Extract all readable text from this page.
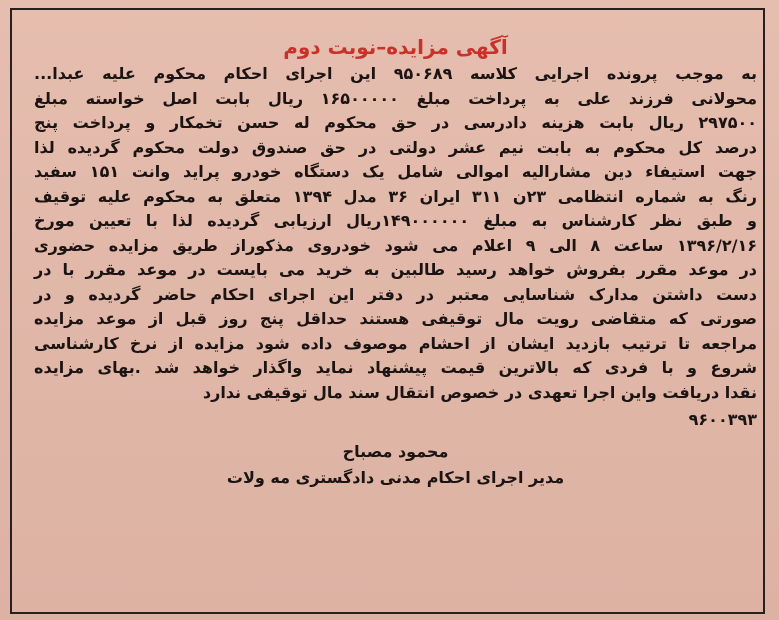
آگهی مزایده–نوبت دوم
به موجب پرونده اجرایی کلاسه ۹۵۰۶۸۹ این اجرای احکام محکوم علیه عبدا...
محولانی فرزند علی به پرداخت مبلغ ۱۶۵۰۰۰۰۰ ریال بابت اصل خواسته مبلغ
۲۹۷۵۰۰ ریال بابت هزینه دادرسی در حق محکوم له حسن تخمکار و پرداخت پنج
درصد کل محکوم به بابت نیم عشر دولتی در حق صندوق دولت محکوم گردیده لذا
جهت استیفاء دین مشارالیه اموالی شامل یک دستگاه خودرو پراید وانت ۱۵۱ سفید
رنگ به شماره انتظامی ۲۳ن ۳۱۱ ایران ۳۶ مدل ۱۳۹۴ متعلق به محکوم علیه توقیف
و طبق نظر کارشناس به مبلغ ۱۴۹۰۰۰۰۰۰ریال ارزیابی گردیده لذا با تعیین مورخ
۱۳۹۶/۲/۱۶ ساعت ۸ الی ۹ اعلام می شود خودروی مذکوراز طریق مزایده حضوری
در موعد مقرر بفروش خواهد رسید طالبین به خرید می بایست در موعد مقرر با در
دست داشتن مدارک شناسایی معتبر در دفتر این اجرای احکام حاضر گردیده و در
صورتی که متقاضی رویت مال توقیفی هستند حداقل پنج روز قبل از موعد مزایده
مراجعه تا ترتیب بازدید ایشان از احشام موصوف داده شود مزایده از نرخ کارشناسی
شروع و با فردی که بالاترین قیمت پیشنهاد نماید واگذار خواهد شد .بهای مزایده
نقدا دریافت واین اجرا تعهدی در خصوص انتقال سند مال توقیفی ندارد
۹۶۰۰۳۹۳
محمود مصباح
مدیر اجرای احکام مدنی دادگستری مه ولات
